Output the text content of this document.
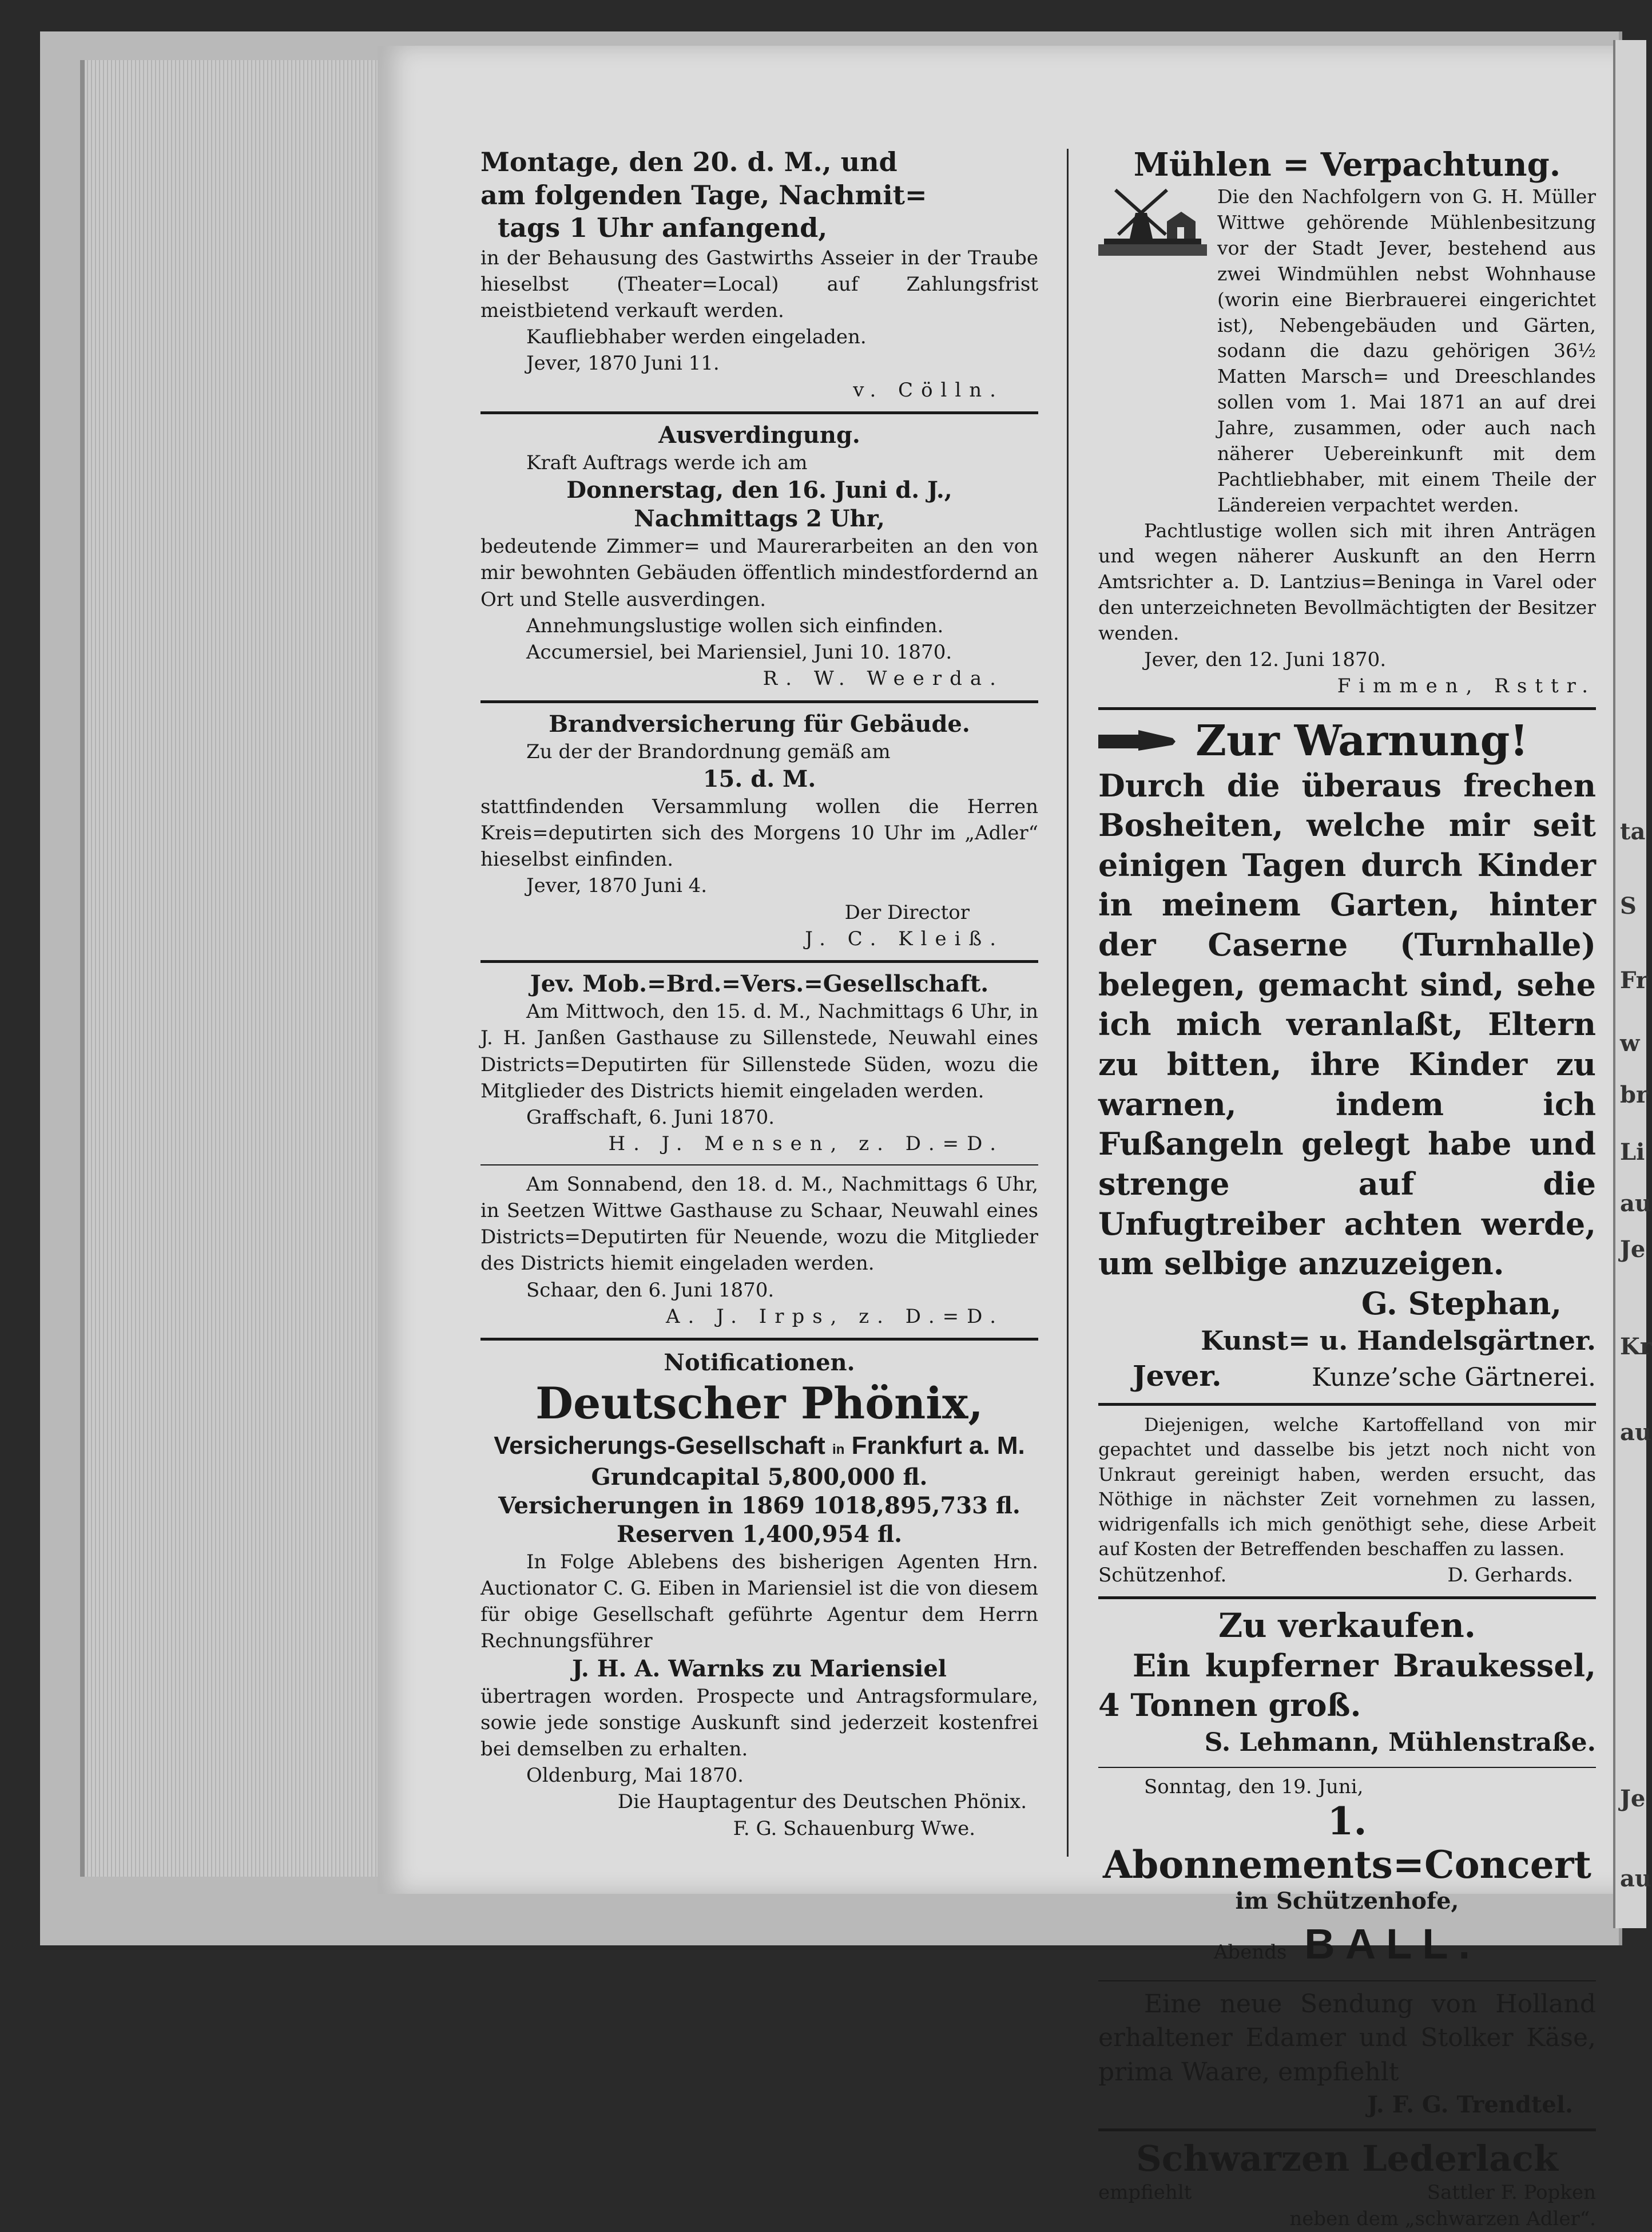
ta
S
Fr
w
br
Li
au
Je
Kr
au
Je
au

Montage, den 20. d. M., und

am folgenden Tage, Nachmit=

tags 1 Uhr anfangend,

in der Behausung des Gastwirths Asseier in der Traube hieselbst (Theater=Local) auf Zahlungsfrist meistbietend verkauft werden.

Kaufliebhaber werden eingeladen.

Jever, 1870 Juni 11.

v. Cölln.

Ausverdingung.

Kraft Auftrags werde ich am

Donnerstag, den 16. Juni d. J.,

Nachmittags 2 Uhr,

bedeutende Zimmer= und Maurerarbeiten an den von mir bewohnten Gebäuden öffentlich mindestfordernd an Ort und Stelle ausverdingen.

Annehmungslustige wollen sich einfinden.

Accumersiel, bei Mariensiel, Juni 10. 1870.

R. W. Weerda.

Brandversicherung für Gebäude.

Zu der der Brandordnung gemäß am

15. d. M.

stattfindenden Versammlung wollen die Herren Kreis=deputirten sich des Morgens 10 Uhr im „Adler“ hieselbst einfinden.

Jever, 1870 Juni 4.

Der Director

J. C. Kleiß.

Jev. Mob.=Brd.=Vers.=Gesellschaft.

Am Mittwoch, den 15. d. M., Nachmittags 6 Uhr, in J. H. Janßen Gasthause zu Sillenstede, Neuwahl eines Districts=Deputirten für Sillenstede Süden, wozu die Mitglieder des Districts hiemit eingeladen werden.

Graffschaft, 6. Juni 1870.

H. J. Mensen, z. D.=D.

Am Sonnabend, den 18. d. M., Nachmittags 6 Uhr, in Seetzen Wittwe Gasthause zu Schaar, Neuwahl eines Districts=Deputirten für Neuende, wozu die Mitglieder des Districts hiemit eingeladen werden.

Schaar, den 6. Juni 1870.

A. J. Irps, z. D.=D.

Notificationen.

Deutscher Phönix,

Versicherungs-Gesellschaft in Frankfurt a. M.

Grundcapital 5,800,000 fl.

Versicherungen in 1869 1018,895,733 fl.

Reserven 1,400,954 fl.

In Folge Ablebens des bisherigen Agenten Hrn. Auctionator C. G. Eiben in Mariensiel ist die von diesem für obige Gesellschaft geführte Agentur dem Herrn Rechnungsführer

J. H. A. Warnks zu Mariensiel

übertragen worden. Prospecte und Antragsformulare, sowie jede sonstige Auskunft sind jederzeit kostenfrei bei demselben zu erhalten.

Oldenburg, Mai 1870.

Die Hauptagentur des Deutschen Phönix.

F. G. Schauenburg Wwe.

Mühlen = Verpachtung.

Die den Nachfolgern von G. H. Müller Wittwe gehörende Mühlenbesitzung vor der Stadt Jever, bestehend aus zwei Windmühlen nebst Wohnhause (worin eine Bierbrauerei eingerichtet ist), Nebengebäuden und Gärten, sodann die dazu gehörigen 36½ Matten Marsch= und Dreeschlandes sollen vom 1. Mai 1871 an auf drei Jahre, zusammen, oder auch nach näherer Uebereinkunft mit dem Pachtliebhaber, mit einem Theile der Ländereien verpachtet werden.

Pachtlustige wollen sich mit ihren Anträgen und wegen näherer Auskunft an den Herrn Amtsrichter a. D. Lantzius=Beninga in Varel oder den unterzeichneten Bevollmächtigten der Besitzer wenden.

Jever, den 12. Juni 1870.

Fimmen, Rsttr.

Zur Warnung!

Durch die überaus frechen Bosheiten, welche mir seit einigen Tagen durch Kinder in meinem Garten, hinter der Caserne (Turnhalle) belegen, gemacht sind, sehe ich mich veranlaßt, Eltern zu bitten, ihre Kinder zu warnen, indem ich Fußangeln gelegt habe und strenge auf die Unfugtreiber achten werde, um selbige anzuzeigen.

G. Stephan,

Kunst= u. Handelsgärtner.

Jever.	Kunze’sche Gärtnerei.

Diejenigen, welche Kartoffelland von mir gepachtet und dasselbe bis jetzt noch nicht von Unkraut gereinigt haben, werden ersucht, das Nöthige in nächster Zeit vornehmen zu lassen, widrigenfalls ich mich genöthigt sehe, diese Arbeit auf Kosten der Betreffenden beschaffen zu lassen.

Schützenhof.	D. Gerhards.

Zu verkaufen.

Ein kupferner Braukessel, 4 Tonnen groß.

S. Lehmann, Mühlenstraße.

Sonntag, den 19. Juni,

1. Abonnements=Concert

im Schützenhofe,

Abends BALL.

Eine neue Sendung von Holland erhaltener Edamer und Stolker Käse, prima Waare, empfiehlt

J. F. G. Trendtel.

Schwarzen Lederlack

empfiehlt	Sattler F. Popken

neben dem „schwarzen Adler“.
